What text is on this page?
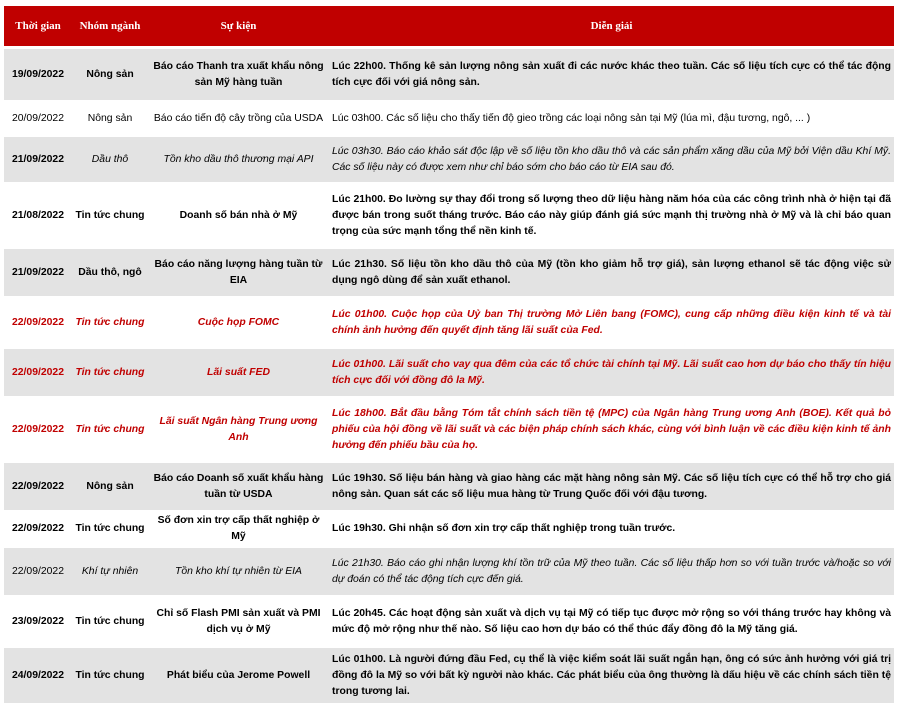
Thời gian	Nhóm ngành	Sự kiện	Diễn giải
19/09/2022	Nông sản	Báo cáo Thanh tra xuất khẩu nông sản Mỹ hàng tuần	Lúc 22h00. Thống kê sản lượng nông sản xuất đi các nước khác theo tuần. Các số liệu tích cực có thể tác động tích cực đối với giá nông sản.
20/09/2022	Nông sản	Báo cáo tiến độ cây trồng của USDA	Lúc 03h00. Các số liệu cho thấy tiến độ gieo trồng các loại nông sản tại Mỹ (lúa mì, đậu tương, ngô, ... )
21/09/2022	Dầu thô	Tồn kho dầu thô thương mại API	Lúc 03h30. Báo cáo khảo sát độc lập về số liệu tồn kho dầu thô và các sản phẩm xăng dầu của Mỹ bởi Viện dầu Khí Mỹ. Các số liệu này có được xem như chỉ báo sớm cho báo cáo từ EIA sau đó.
21/08/2022	Tin tức chung	Doanh số bán nhà ở Mỹ	Lúc 21h00. Đo lường sự thay đổi trong số lượng theo dữ liệu hàng năm hóa của các công trình nhà ở hiện tại đã được bán trong suốt tháng trước. Báo cáo này giúp đánh giá sức mạnh thị trường nhà ở Mỹ và là chỉ báo quan trọng của sức mạnh tổng thể nền kinh tế.
21/09/2022	Dầu thô, ngô	Báo cáo năng lượng hàng tuần từ EIA	Lúc 21h30. Số liệu tồn kho dầu thô của Mỹ (tồn kho giảm hỗ trợ giá), sản lượng ethanol sẽ tác động việc sử dụng ngô dùng để sản xuất ethanol.
22/09/2022	Tin tức chung	Cuộc họp FOMC	Lúc 01h00. Cuộc họp của Uỷ ban Thị trường Mở Liên bang (FOMC), cung cấp những điều kiện kinh tế và tài chính ảnh hưởng đến quyết định tăng lãi suất của Fed.
22/09/2022	Tin tức chung	Lãi suất FED	Lúc 01h00. Lãi suất cho vay qua đêm của các tổ chức tài chính tại Mỹ. Lãi suất cao hơn dự báo cho thấy tín hiệu tích cực đối với đồng đô la Mỹ.
22/09/2022	Tin tức chung	Lãi suất Ngân hàng Trung ương Anh	Lúc 18h00. Bắt đầu bằng Tóm tắt chính sách tiền tệ (MPC) của Ngân hàng Trung ương Anh (BOE). Kết quả bỏ phiếu của hội đồng về lãi suất và các biện pháp chính sách khác, cùng với bình luận về các điều kiện kinh tế ảnh hưởng đến phiếu bầu của họ.
22/09/2022	Nông sản	Báo cáo Doanh số xuất khẩu hàng tuần từ USDA	Lúc 19h30. Số liệu bán hàng và giao hàng các mặt hàng nông sản Mỹ. Các số liệu tích cực có thể hỗ trợ cho giá nông sản. Quan sát các số liệu mua hàng từ Trung Quốc đối với đậu tương.
22/09/2022	Tin tức chung	Số đơn xin trợ cấp thất nghiệp ở Mỹ	Lúc 19h30. Ghi nhận số đơn xin trợ cấp thất nghiệp trong tuần trước.
22/09/2022	Khí tự nhiên	Tồn kho khí tự nhiên từ EIA	Lúc 21h30. Báo cáo ghi nhận lượng khí tồn trữ của Mỹ theo tuần. Các số liệu thấp hơn so với tuần trước và/hoặc so với dự đoán có thể tác động tích cực đến giá.
23/09/2022	Tin tức chung	Chỉ số Flash PMI sản xuất và PMI dịch vụ ở Mỹ	Lúc 20h45. Các hoạt động sản xuất và dịch vụ tại Mỹ có tiếp tục được mở rộng so với tháng trước hay không và mức độ mở rộng như thế nào. Số liệu cao hơn dự báo có thể thúc đẩy đồng đô la Mỹ tăng giá.
24/09/2022	Tin tức chung	Phát biểu của Jerome Powell	Lúc 01h00. Là người đứng đầu Fed, cụ thể là việc kiểm soát lãi suất ngắn hạn, ông có sức ảnh hưởng với giá trị đồng đô la Mỹ so với bất kỳ người nào khác. Các phát biểu của ông thường là dấu hiệu về các chính sách tiền tệ trong tương lai.
